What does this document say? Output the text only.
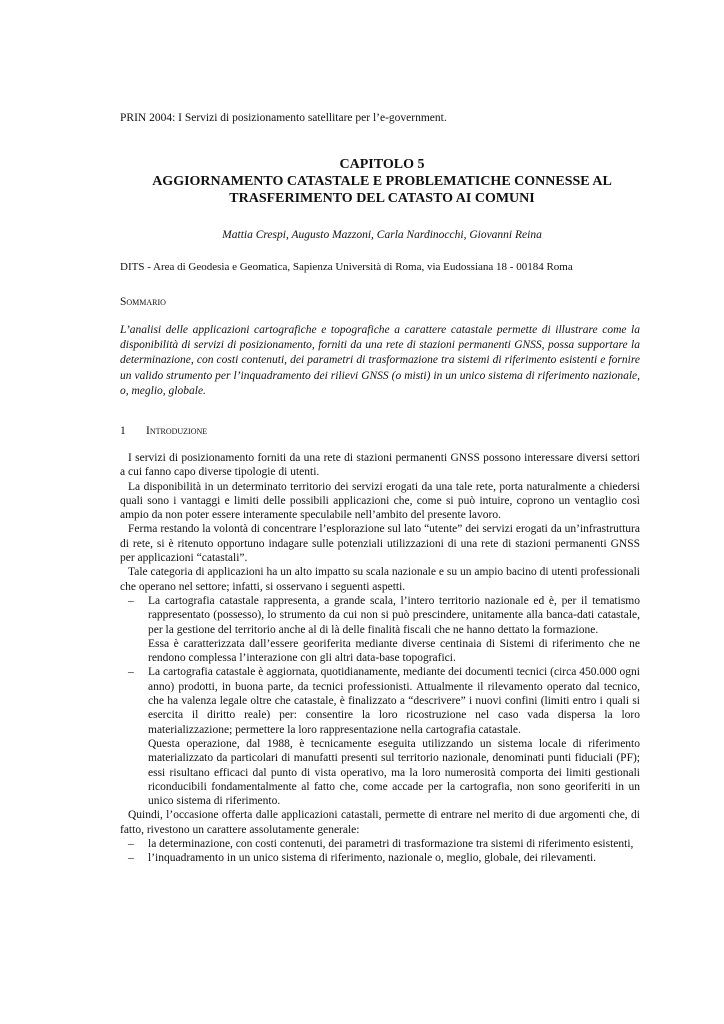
PRIN 2004: I Servizi di posizionamento satellitare per l’e-government.
CAPITOLO 5
AGGIORNAMENTO CATASTALE E PROBLEMATICHE CONNESSE AL
TRASFERIMENTO DEL CATASTO AI COMUNI
Mattia Crespi, Augusto Mazzoni, Carla Nardinocchi, Giovanni Reina
DITS - Area di Geodesia e Geomatica, Sapienza Università di Roma, via Eudossiana 18 - 00184 Roma
Sommario

L’analisi delle applicazioni cartografiche e topografiche a carattere catastale permette di illustrare come la disponibilità di servizi di posizionamento, forniti da una rete di stazioni permanenti GNSS, possa supportare la determinazione, con costi contenuti, dei parametri di trasformazione tra sistemi di riferimento esistenti e fornire un valido strumento per l’inquadramento dei rilievi GNSS (o misti) in un unico sistema di riferimento nazionale, o, meglio, globale.

1 Introduzione

I servizi di posizionamento forniti da una rete di stazioni permanenti GNSS possono interessare diversi settori a cui fanno capo diverse tipologie di utenti.

La disponibilità in un determinato territorio dei servizi erogati da una tale rete, porta naturalmente a chiedersi quali sono i vantaggi e limiti delle possibili applicazioni che, come si può intuire, coprono un ventaglio così ampio da non poter essere interamente speculabile nell’ambito del presente lavoro.

Ferma restando la volontà di concentrare l’esplorazione sul lato “utente” dei servizi erogati da un’infrastruttura di rete, si è ritenuto opportuno indagare sulle potenziali utilizzazioni di una rete di stazioni permanenti GNSS per applicazioni “catastali”.

Tale categoria di applicazioni ha un alto impatto su scala nazionale e su un ampio bacino di utenti professionali che operano nel settore; infatti, si osservano i seguenti aspetti.

– La cartografia catastale rappresenta, a grande scala, l’intero territorio nazionale ed è, per il tematismo rappresentato (possesso), lo strumento da cui non si può prescindere, unitamente alla banca-dati catastale, per la gestione del territorio anche al di là delle finalità fiscali che ne hanno dettato la formazione.

Essa è caratterizzata dall’essere georiferita mediante diverse centinaia di Sistemi di riferimento che ne rendono complessa l’interazione con gli altri data-base topografici.

– La cartografia catastale è aggiornata, quotidianamente, mediante dei documenti tecnici (circa 450.000 ogni anno) prodotti, in buona parte, da tecnici professionisti. Attualmente il rilevamento operato dal tecnico, che ha valenza legale oltre che catastale, è finalizzato a “descrivere” i nuovi confini (limiti entro i quali si esercita il diritto reale) per: consentire la loro ricostruzione nel caso vada dispersa la loro materializzazione; permettere la loro rappresentazione nella cartografia catastale.

Questa operazione, dal 1988, è tecnicamente eseguita utilizzando un sistema locale di riferimento materializzato da particolari di manufatti presenti sul territorio nazionale, denominati punti fiduciali (PF); essi risultano efficaci dal punto di vista operativo, ma la loro numerosità comporta dei limiti gestionali riconducibili fondamentalmente al fatto che, come accade per la cartografia, non sono georiferiti in un unico sistema di riferimento.

Quindi, l’occasione offerta dalle applicazioni catastali, permette di entrare nel merito di due argomenti che, di fatto, rivestono un carattere assolutamente generale:

– la determinazione, con costi contenuti, dei parametri di trasformazione tra sistemi di riferimento esistenti,

– l’inquadramento in un unico sistema di riferimento, nazionale o, meglio, globale, dei rilevamenti.
